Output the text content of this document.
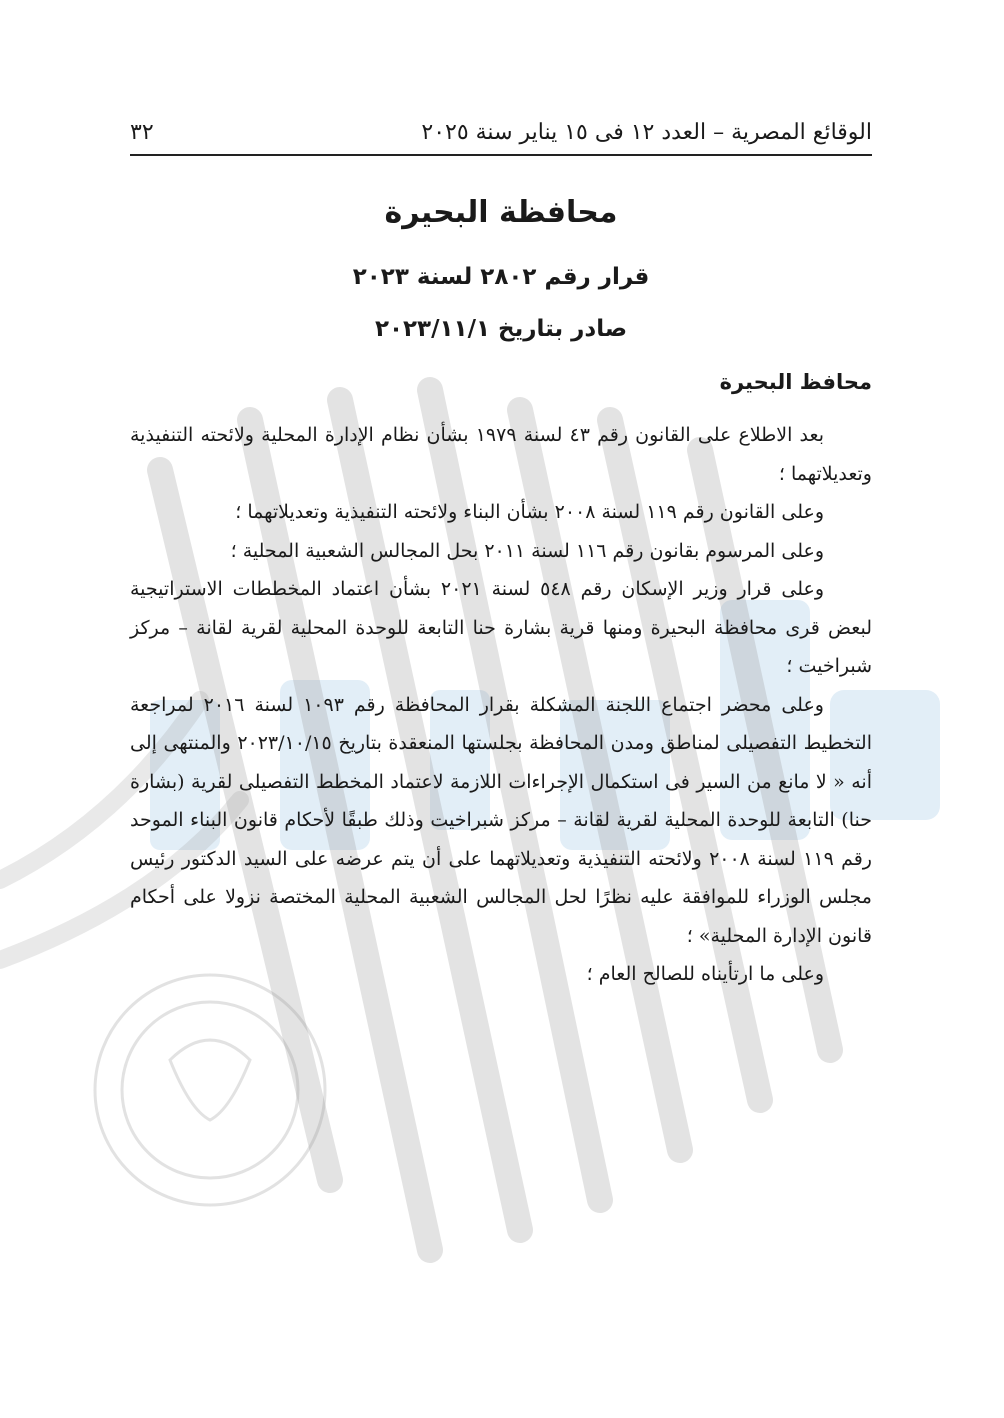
الوقائع المصرية – العدد ١٢ فى ١٥ يناير سنة ٢٠٢٥
٣٢
محافظة البحيرة
قرار رقم ٢٨٠٢ لسنة ٢٠٢٣
صادر بتاريخ ٢٠٢٣/١١/١
محافظ البحيرة

بعد الاطلاع على القانون رقم ٤٣ لسنة ١٩٧٩ بشأن نظام الإدارة المحلية ولائحته التنفيذية وتعديلاتهما ؛

وعلى القانون رقم ١١٩ لسنة ٢٠٠٨ بشأن البناء ولائحته التنفيذية وتعديلاتهما ؛

وعلى المرسوم بقانون رقم ١١٦ لسنة ٢٠١١ بحل المجالس الشعبية المحلية ؛

وعلى قرار وزير الإسكان رقم ٥٤٨ لسنة ٢٠٢١ بشأن اعتماد المخططات الاستراتيجية لبعض قرى محافظة البحيرة ومنها قرية بشارة حنا التابعة للوحدة المحلية لقرية لقانة – مركز شبراخيت ؛

وعلى محضر اجتماع اللجنة المشكلة بقرار المحافظة رقم ١٠٩٣ لسنة ٢٠١٦ لمراجعة التخطيط التفصيلى لمناطق ومدن المحافظة بجلستها المنعقدة بتاريخ ٢٠٢٣/١٠/١٥ والمنتهى إلى أنه « لا مانع من السير فى استكمال الإجراءات اللازمة لاعتماد المخطط التفصيلى لقرية (بشارة حنا) التابعة للوحدة المحلية لقرية لقانة – مركز شبراخيت وذلك طبقًا لأحكام قانون البناء الموحد رقم ١١٩ لسنة ٢٠٠٨ ولائحته التنفيذية وتعديلاتهما على أن يتم عرضه على السيد الدكتور رئيس مجلس الوزراء للموافقة عليه نظرًا لحل المجالس الشعبية المحلية المختصة نزولا على أحكام قانون الإدارة المحلية» ؛

وعلى ما ارتأيناه للصالح العام ؛
